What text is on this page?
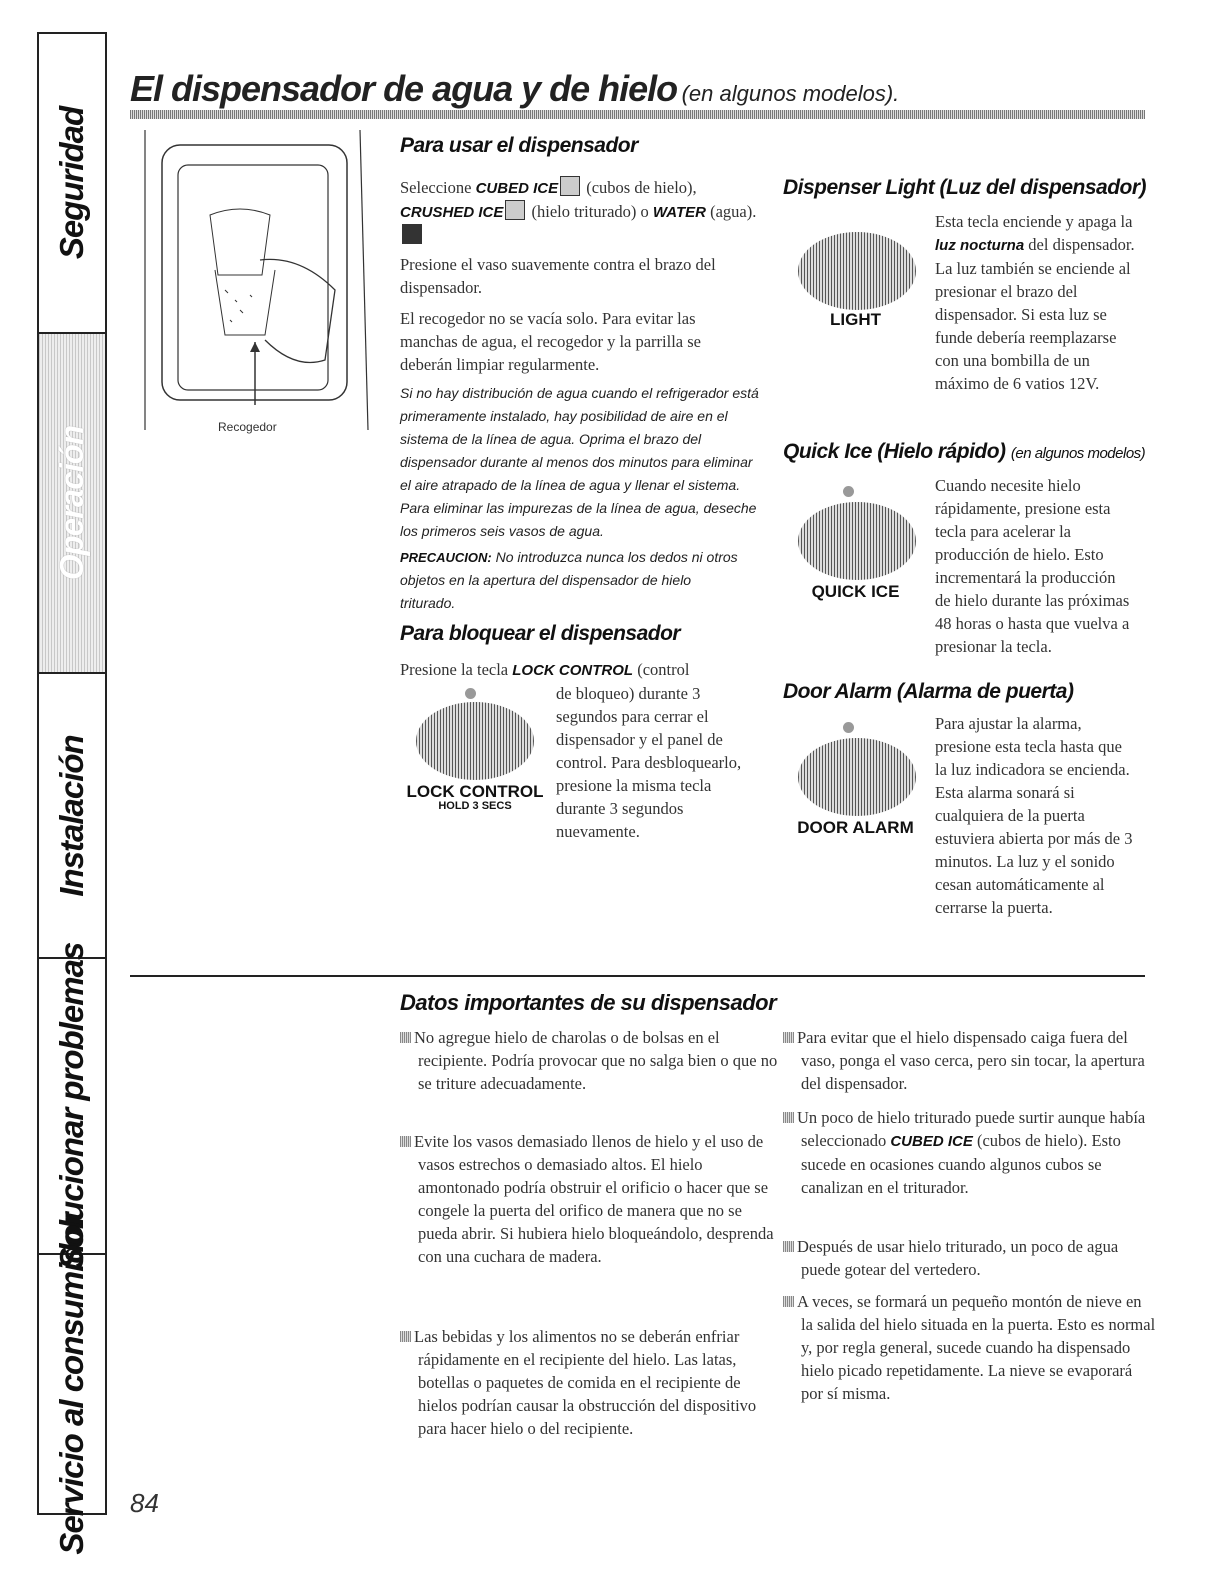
Seguridad
Operación
Instalación
Solucionar problemas
Servicio al consumidor
El dispensador de agua y de hielo (en algunos modelos).
Recogedor
Para usar el dispensador
Seleccione CUBED ICE (cubos de hielo), CRUSHED ICE (hielo triturado) o WATER (agua).
Presione el vaso suavemente contra el brazo del dispensador.
El recogedor no se vacía solo. Para evitar las manchas de agua, el recogedor y la parrilla se deberán limpiar regularmente.
Si no hay distribución de agua cuando el refrigerador está primeramente instalado, hay posibilidad de aire en el sistema de la línea de agua. Oprima el brazo del dispensador durante al menos dos minutos para eliminar el aire atrapado de la línea de agua y llenar el sistema. Para eliminar las impurezas de la línea de agua, deseche los primeros seis vasos de agua.
PRECAUCION: No introduzca nunca los dedos ni otros objetos en la apertura del dispensador de hielo triturado.
Para bloquear el dispensador
Presione la tecla LOCK CONTROL (control
de bloqueo) durante 3 segundos para cerrar el dispensador y el panel de control. Para desbloquearlo, presione la misma tecla durante 3 segundos nuevamente.
LOCK CONTROL
HOLD 3 SECS
Dispenser Light (Luz del dispensador)
LIGHT
Esta tecla enciende y apaga la luz nocturna del dispensador. La luz también se enciende al presionar el brazo del dispensador. Si esta luz se funde debería reemplazarse con una bombilla de un máximo de 6 vatios 12V.
Quick Ice (Hielo rápido) (en algunos modelos)
QUICK ICE
Cuando necesite hielo rápidamente, presione esta tecla para acelerar la producción de hielo. Esto incrementará la producción de hielo durante las próximas 48 horas o hasta que vuelva a presionar la tecla.
Door Alarm (Alarma de puerta)
DOOR ALARM
Para ajustar la alarma, presione esta tecla hasta que la luz indicadora se encienda. Esta alarma sonará si cualquiera de la puerta estuviera abierta por más de 3 minutos. La luz y el sonido cesan automáticamente al cerrarse la puerta.
Datos importantes de su dispensador
No agregue hielo de charolas o de bolsas en el recipiente. Podría provocar que no salga bien o que no se triture adecuadamente.
Evite los vasos demasiado llenos de hielo y el uso de vasos estrechos o demasiado altos. El hielo amontonado podría obstruir el orificio o hacer que se congele la puerta del orifico de manera que no se pueda abrir. Si hubiera hielo bloqueándolo, desprenda con una cuchara de madera.
Las bebidas y los alimentos no se deberán enfriar rápidamente en el recipiente del hielo. Las latas, botellas o paquetes de comida en el recipiente de hielos podrían causar la obstrucción del dispositivo para hacer hielo o del recipiente.
Para evitar que el hielo dispensado caiga fuera del vaso, ponga el vaso cerca, pero sin tocar, la apertura del dispensador.
Un poco de hielo triturado puede surtir aunque había seleccionado CUBED ICE (cubos de hielo). Esto sucede en ocasiones cuando algunos cubos se canalizan en el triturador.
Después de usar hielo triturado, un poco de agua puede gotear del vertedero.
A veces, se formará un pequeño montón de nieve en la salida del hielo situada en la puerta. Esto es normal y, por regla general, sucede cuando ha dispensado hielo picado repetidamente. La nieve se evaporará por sí misma.
84
